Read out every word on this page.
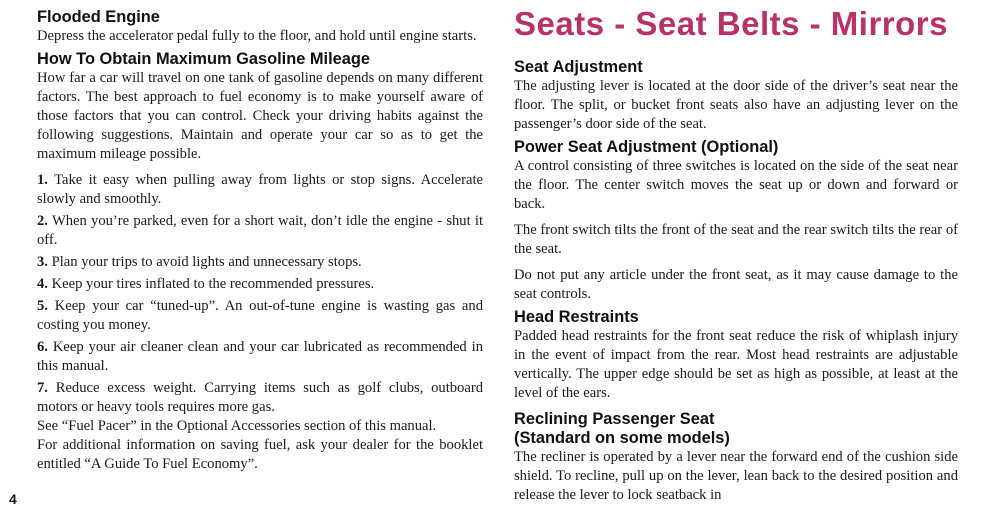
Flooded Engine

Depress the accelerator pedal fully to the floor, and hold until engine starts.

How To Obtain Maximum Gasoline Mileage

How far a car will travel on one tank of gasoline depends on many different factors. The best approach to fuel economy is to make yourself aware of those factors that you can control. Check your driving habits against the following suggestions. Maintain and operate your car so as to get the maximum mileage possible.

1. Take it easy when pulling away from lights or stop signs. Accelerate slowly and smoothly.

2. When you’re parked, even for a short wait, don’t idle the engine - shut it off.

3. Plan your trips to avoid lights and unnecessary stops.

4. Keep your tires inflated to the recommended pressures.

5. Keep your car “tuned-up”. An out-of-tune engine is wasting gas and costing you money.

6. Keep your air cleaner clean and your car lubricated as recommended in this manual.

7. Reduce excess weight. Carrying items such as golf clubs, outboard motors or heavy tools requires more gas.

See “Fuel Pacer” in the Optional Accessories section of this manual.

For additional information on saving fuel, ask your dealer for the booklet entitled “A Guide To Fuel Economy”.

4
Seats - Seat Belts - Mirrors
Seat Adjustment

The adjusting lever is located at the door side of the driver’s seat near the floor. The split, or bucket front seats also have an adjusting lever on the passenger’s door side of the seat.

Power Seat Adjustment (Optional)

A control consisting of three switches is located on the side of the seat near the floor. The center switch moves the seat up or down and forward or back.

The front switch tilts the front of the seat and the rear switch tilts the rear of the seat.

Do not put any article under the front seat, as it may cause damage to the seat controls.

Head Restraints

Padded head restraints for the front seat reduce the risk of whiplash injury in the event of impact from the rear. Most head restraints are adjustable vertically. The upper edge should be set as high as possible, at least at the level of the ears.

Reclining Passenger Seat
(Standard on some models)

The recliner is operated by a lever near the forward end of the cushion side shield. To recline, pull up on the lever, lean back to the desired position and release the lever to lock seatback in
